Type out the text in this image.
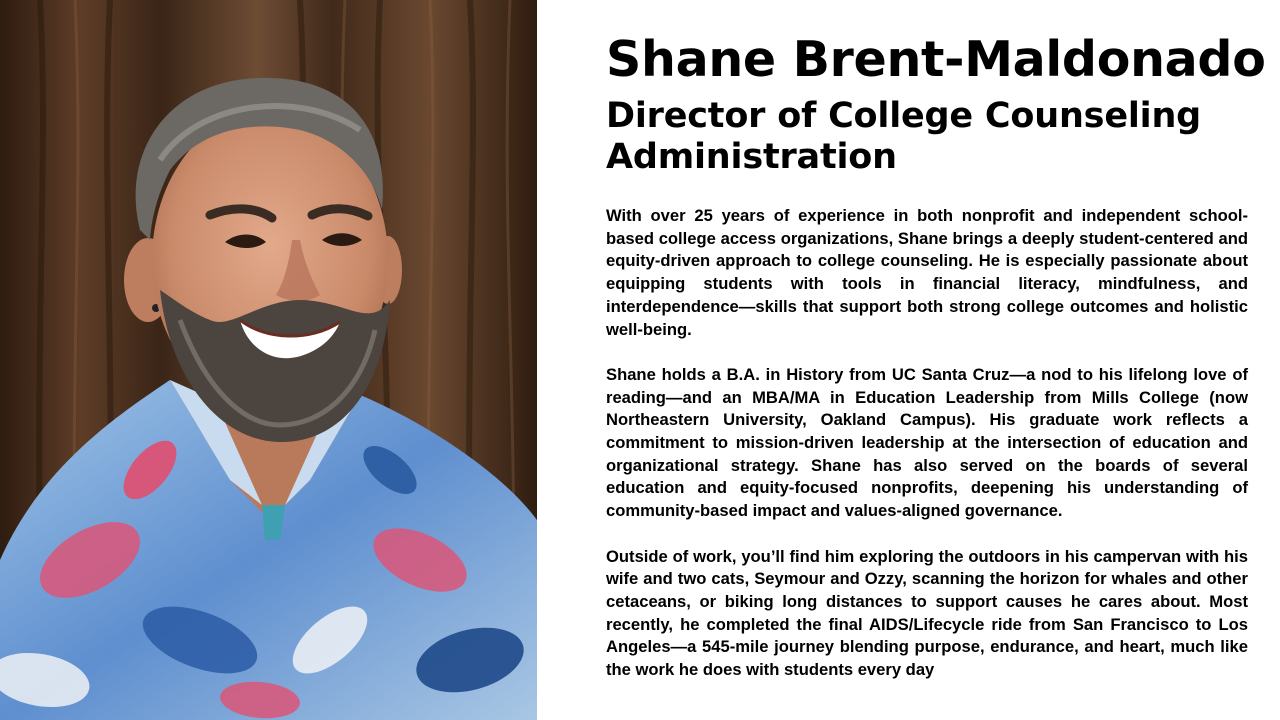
Shane Brent-Maldonado
Director of College Counseling Administration

With over 25 years of experience in both nonprofit and independent school-based college access organizations, Shane brings a deeply student-centered and equity-driven approach to college counseling. He is especially passionate about equipping students with tools in financial literacy, mindfulness, and interdependence—skills that support both strong college outcomes and holistic well-being.

Shane holds a B.A. in History from UC Santa Cruz—a nod to his lifelong love of reading—and an MBA/MA in Education Leadership from Mills College (now Northeastern University, Oakland Campus). His graduate work reflects a commitment to mission-driven leadership at the intersection of education and organizational strategy. Shane has also served on the boards of several education and equity-focused nonprofits, deepening his understanding of community-based impact and values-aligned governance.

Outside of work, you’ll find him exploring the outdoors in his campervan with his wife and two cats, Seymour and Ozzy, scanning the horizon for whales and other cetaceans, or biking long distances to support causes he cares about. Most recently, he completed the final AIDS/Lifecycle ride from San Francisco to Los Angeles—a 545-mile journey blending purpose, endurance, and heart, much like the work he does with students every day
